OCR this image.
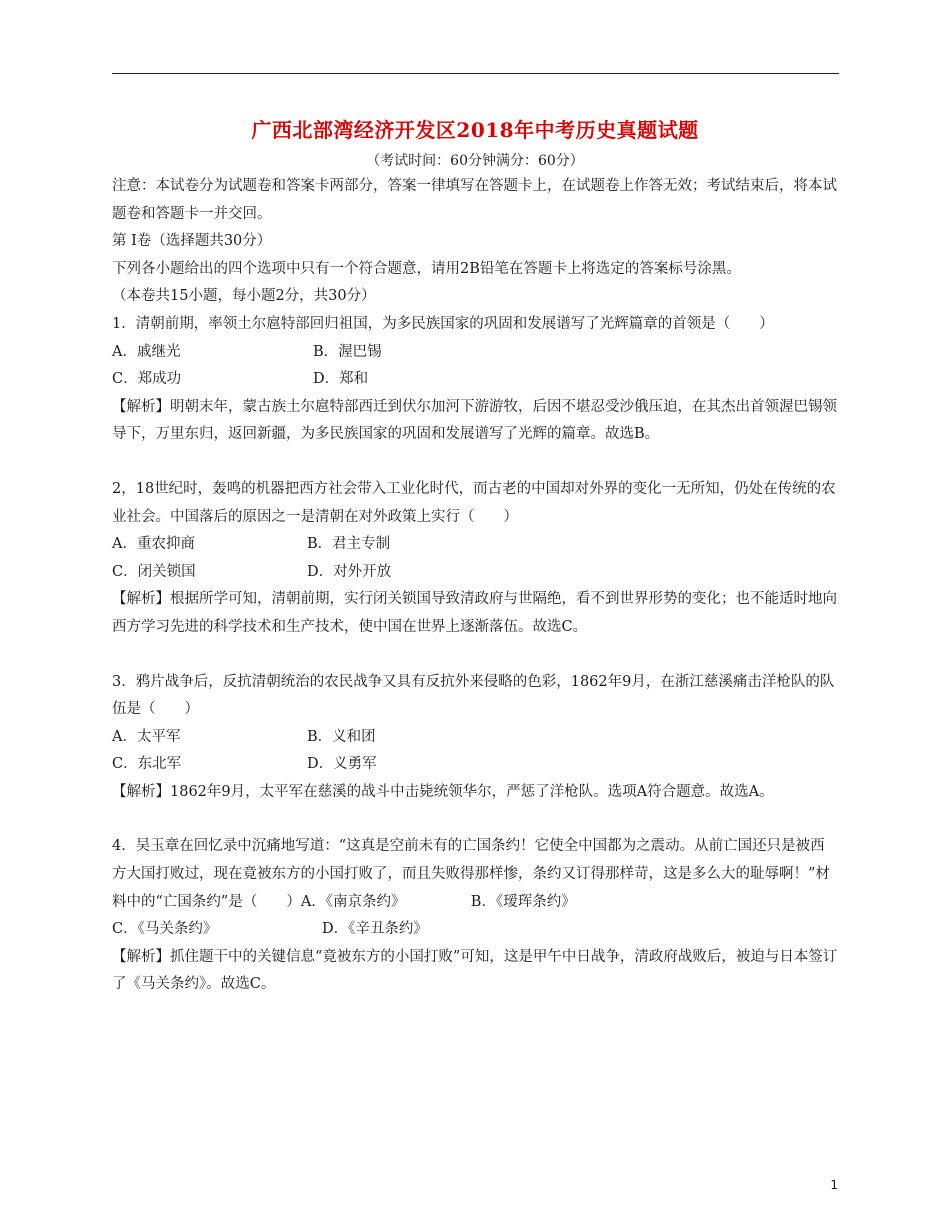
广西北部湾经济开发区2018年中考历史真题试题
（考试时间：60分钟满分：60分）

注意：本试卷分为试题卷和答案卡两部分，答案一律填写在答题卡上，在试题卷上作答无效；考试结束后，将本试题卷和答题卡一并交回。

第 Ⅰ卷（选择题共30分）

下列各小题给出的四个选项中只有一个符合题意，请用2B铅笔在答题卡上将选定的答案标号涂黑。

（本卷共15小题，每小题2分，共30分）

1．清朝前期，率领土尔扈特部回归祖国，为多民族国家的巩固和发展谱写了光辉篇章的首领是（　　）

A．戚继光	B．渥巴锡
C．郑成功	D．郑和

【解析】明朝末年，蒙古族土尔扈特部西迁到伏尔加河下游游牧，后因不堪忍受沙俄压迫，在其杰出首领渥巴锡领导下，万里东归，返回新疆，为多民族国家的巩固和发展谱写了光辉的篇章。故选B。

2，18世纪时，轰鸣的机器把西方社会带入工业化时代，而古老的中国却对外界的变化一无所知，仍处在传统的农业社会。中国落后的原因之一是清朝在对外政策上实行（　　）

A．重农抑商	B．君主专制
C．闭关锁国	D．对外开放

【解析】根据所学可知，清朝前期，实行闭关锁国导致清政府与世隔绝，看不到世界形势的变化；也不能适时地向西方学习先进的科学技术和生产技术，使中国在世界上逐渐落伍。故选C。

3．鸦片战争后，反抗清朝统治的农民战争又具有反抗外来侵略的色彩，1862年9月，在浙江慈溪痛击洋枪队的队伍是（　　）

A．太平军	B．义和团
C．东北军	D．义勇军

【解析】1862年9月，太平军在慈溪的战斗中击毙统领华尔，严惩了洋枪队。选项A符合题意。故选A。

4．吴玉章在回忆录中沉痛地写道：“这真是空前未有的亡国条约！它使全中国都为之震动。从前亡国还只是被西方大国打败过，现在竟被东方的小国打败了，而且失败得那样惨，条约又订得那样苛，这是多么大的耻辱啊！”材料中的“亡国条约”是（　　）A．《南京条约》　　　　　B．《瑷珲条约》

C．《马关条约》	D．《辛丑条约》

【解析】抓住题干中的关键信息“竟被东方的小国打败”可知，这是甲午中日战争，清政府战败后，被迫与日本签订了《马关条约》。故选C。

1
